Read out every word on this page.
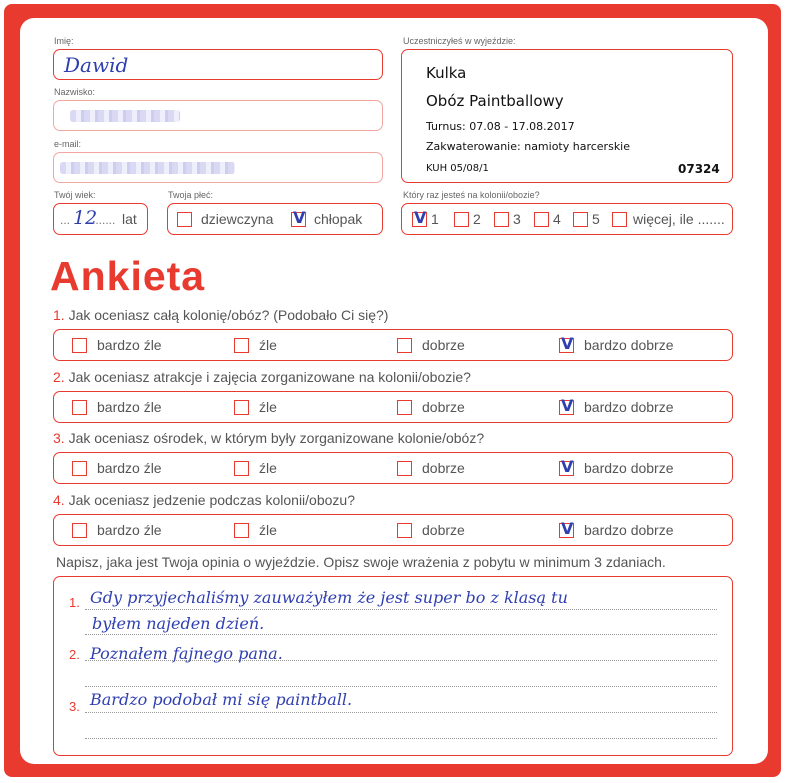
Imię:
Dawid
Nazwisko:
e-mail:
Twój wiek:
... 12
....... lat
Twoja płeć:
dziewczyna V chłopak
Uczestniczyłeś w wyjeździe:
Kulka
Obóz Paintballowy
Turnus: 07.08 - 17.08.2017
Zakwaterowanie: namioty harcerskie
KUH 05/08/1	07324
Który raz jesteś na kolonii/obozie?
V 1 2 3 4 5 więcej, ile .......
Ankieta
1. Jak oceniasz całą kolonię/obóz? (Podobało Ci się?)
bardzo źle	źle	dobrze	V bardzo dobrze
2. Jak oceniasz atrakcje i zajęcia zorganizowane na kolonii/obozie?
bardzo źle	źle	dobrze	V bardzo dobrze
3. Jak oceniasz ośrodek, w którym były zorganizowane kolonie/obóz?
bardzo źle	źle	dobrze	V bardzo dobrze
4. Jak oceniasz jedzenie podczas kolonii/obozu?
bardzo źle	źle	dobrze	V bardzo dobrze
Napisz, jaka jest Twoja opinia o wyjeździe. Opisz swoje wrażenia z pobytu w minimum 3 zdaniach.
1.
2.
3.
Gdy przyjechaliśmy zauważyłem że jest super bo z klasą tu
byłem najeden dzień.
Poznałem fajnego pana.
Bardzo podobał mi się paintball.
